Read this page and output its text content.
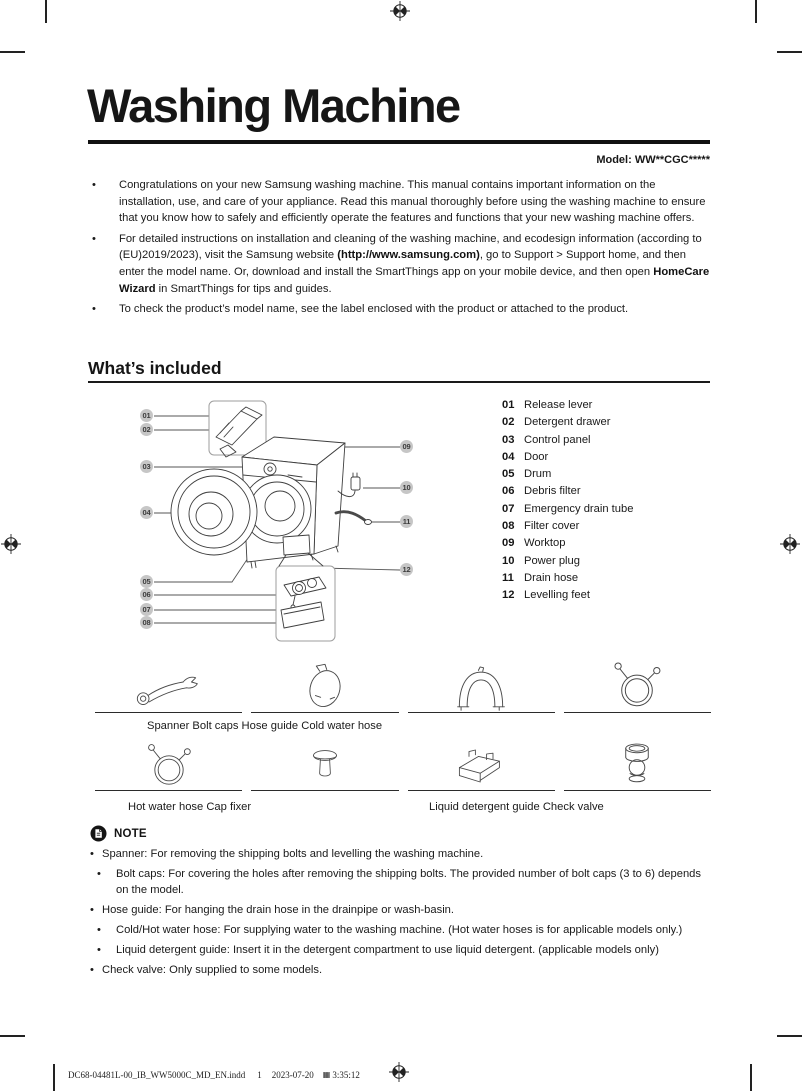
Washing Machine
Model: WW**CGC*****
•	Congratulations on your new Samsung washing machine. This manual contains important information on the installation, use, and care of your appliance. Read this manual thoroughly before using the washing machine to ensure that you know how to safely and efficiently operate the features and functions that your new washing machine offers.
•	For detailed instructions on installation and cleaning of the washing machine, and ecodesign information (according to (EU)2019/2023), visit the Samsung website (http://www.samsung.com), go to Support > Support home, and then enter the model name. Or, download and install the SmartThings app on your mobile device, and then open HomeCare Wizard in SmartThings for tips and guides.
•	To check the product’s model name, see the label enclosed with the product or attached to the product.
What’s included
01
02
03
04
05
06
07
08
09
10
11
12
01 Release lever
02 Detergent drawer
03 Control panel
04 Door
05 Drum
06 Debris filter
07 Emergency drain tube
08 Filter cover
09 Worktop
10 Power plug
11 Drain hose
12 Levelling feet
Spanner Bolt caps Hose guide Cold water hose
Hot water hose Cap fixer	Liquid detergent guide Check valve
NOTE
• Spanner: For removing the shipping bolts and levelling the washing machine.
•	Bolt caps: For covering the holes after removing the shipping bolts. The provided number of bolt caps (3 to 6) depends on the model.
• Hose guide: For hanging the drain hose in the drainpipe or wash-basin.
•	Cold/Hot water hose: For supplying water to the washing machine. (Hot water hoses is for applicable models only.)
•	Liquid detergent guide: Insert it in the detergent compartment to use liquid detergent. (applicable models only)
• Check valve: Only supplied to some models.
DC68-04481L-00_IB_WW5000C_MD_EN.indd 1 2023-07-20 ▦ 3:35:12
